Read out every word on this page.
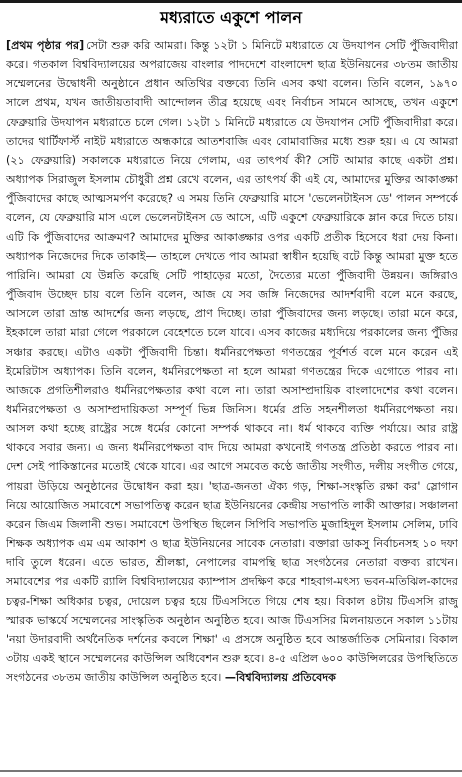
মধ্যরাতে একুশে পালন
[প্রথম পৃষ্ঠার পর] সেটা শুরু করি আমরা। কিন্তু ১২টা ১ মিনিটে মধ্যরাতে যে উদযাপন সেটি পুঁজিবাদীরা করে। গতকাল বিশ্ববিদ্যালয়ের অপরাজেয় বাংলার পাদদেশে বাংলাদেশ ছাত্র ইউনিয়নের ৩৮তম জাতীয় সম্মেলনের উদ্বোধনী অনুষ্ঠানে প্রধান অতিথির বক্তব্যে তিনি এসব কথা বলেন। তিনি বলেন, ১৯৭০ সালে প্রথম, যখন জাতীয়তাবাদী আন্দোলন তীব্র হয়েছে এবং নির্বাচন সামনে আসছে, তখন একুশে ফেব্রুয়ারি উদযাপন মধ্যরাতে চলে গেল। ১২টা ১ মিনিটে মধ্যরাতে যে উদযাপন সেটি পুঁজিবাদীরা করে। তাদের থার্টিফার্স্ট নাইট মধ্যরাতে অন্ধকারে আতশবাজি এবং বোমাবাজির মধ্যে শুরু হয়। এ যে আমরা (২১ ফেব্রুয়ারি) সকালকে মধ্যরাতে নিয়ে গেলাম, এর তাৎপর্য কী? সেটি আমার কাছে একটা প্রশ্ন। অধ্যাপক সিরাজুল ইসলাম চৌধুরী প্রশ্ন রেখে বলেন, এর তাৎপর্য কী এই যে, আমাদের মুক্তির আকাঙ্ক্ষা পুঁজিবাদের কাছে আত্মসমর্পণ করেছে? এ সময় তিনি ফেব্রুয়ারি মাসে 'ভেলেনটাইনস ডে' পালন সম্পর্কে বলেন, যে ফেব্রুয়ারি মাস এলে ভেলেনটাইনস ডে আসে, এটি একুশে ফেব্রুয়ারিকে ম্লান করে দিতে চায়। এটি কি পুঁজিবাদের আক্রমণ? আমাদের মুক্তির আকাঙ্ক্ষার ওপর একটি প্রতীক হিসেবে ধরা দেয় কিনা। অধ্যাপক নিজেদের দিকে তাকাই— তাহলে দেখতে পাব আমরা স্বাধীন হয়েছি বটে কিন্তু আমরা মুক্ত হতে পারিনি। আমরা যে উন্নতি করেছি সেটি পাহাড়ের মতো, দৈত্যের মতো পুঁজিবাদী উন্নয়ন। জঙ্গিরাও পুঁজিবাদ উচ্ছেদ চায় বলে তিনি বলেন, আজ যে সব জঙ্গি নিজেদের আদর্শবাদী বলে মনে করছে, আসলে তারা ভ্রান্ত আদর্শের জন্য লড়ছে, প্রাণ দিচ্ছে। তারা পুঁজিবাদের জন্য লড়ছে। তারা মনে করে, ইহকালে তারা মারা গেলে পরকালে বেহেশতে চলে যাবে। এসব কাজের মধ্যদিয়ে পরকালের জন্য পুঁজির সঞ্চার করছে। এটাও একটা পুঁজিবাদী চিন্তা। ধর্মনিরপেক্ষতা গণতন্ত্রের পূর্বশর্ত বলে মনে করেন এই ইমেরিটাস অধ্যাপক। তিনি বলেন, ধর্মনিরপেক্ষতা না হলে আমরা গণতন্ত্রের দিকে এগোতে পারব না। আজকে প্রগতিশীলরাও ধর্মনিরপেক্ষতার কথা বলে না। তারা অসাম্প্রদায়িক বাংলাদেশের কথা বলেন। ধর্মনিরপেক্ষতা ও অসাম্প্রদায়িকতা সম্পূর্ণ ভিন্ন জিনিস। ধর্মের প্রতি সহনশীলতা ধর্মনিরপেক্ষতা নয়। আসল কথা হচ্ছে রাষ্ট্রের সঙ্গে ধর্মের কোনো সম্পর্ক থাকবে না। ধর্ম থাকবে ব্যক্তি পর্যায়ে। আর রাষ্ট্র থাকবে সবার জন্য। এ জন্য ধর্মনিরপেক্ষতা বাদ দিয়ে আমরা কখনোই গণতন্ত্র প্রতিষ্ঠা করতে পারব না। দেশ সেই পাকিস্তানের মতোই থেকে যাবে। এর আগে সমবেত কণ্ঠে জাতীয় সংগীত, দলীয় সংগীত গেয়ে, পায়রা উড়িয়ে অনুষ্ঠানের উদ্বোধন করা হয়। 'ছাত্র-জনতা ঐক্য গড়, শিক্ষা-সংস্কৃতি রক্ষা কর' স্লোগান নিয়ে আয়োজিত সমাবেশে সভাপতিত্ব করেন ছাত্র ইউনিয়নের কেন্দ্রীয় সভাপতি লাকী আক্তার। সঞ্চালনা করেন জিএম জিলানী শুভ। সমাবেশে উপস্থিত ছিলেন সিপিবি সভাপতি মুজাহিদুল ইসলাম সেলিম, ঢাবি শিক্ষক অধ্যাপক এম এম আকাশ ও ছাত্র ইউনিয়নের সাবেক নেতারা। বক্তারা ডাকসু নির্বাচনসহ ১০ দফা দাবি তুলে ধরেন। এতে ভারত, শ্রীলঙ্কা, নেপালের বামপন্থি ছাত্র সংগঠনের নেতারা বক্তব্য রাখেন। সমাবেশের পর একটি র‍্যালি বিশ্ববিদ্যালয়ের ক্যাম্পাস প্রদক্ষিণ করে শাহবাগ-মৎস্য ভবন-মতিঝিল-কাদের চত্বর-শিক্ষা অধিকার চত্বর, দোয়েল চত্বর হয়ে টিএসসিতে গিয়ে শেষ হয়। বিকাল ৪টায় টিএসসি রাজু স্মারক ভাস্কর্যে সম্মেলনের সাংস্কৃতিক অনুষ্ঠান অনুষ্ঠিত হবে। আজ টিএসসির মিলনায়তনে সকাল ১১টায় 'নয়া উদারবাদী অর্থনৈতিক দর্শনের কবলে শিক্ষা' এ প্রসঙ্গে অনুষ্ঠিত হবে আন্তর্জাতিক সেমিনার। বিকাল ৩টায় একই স্থানে সম্মেলনের কাউন্সিল অধিবেশন শুরু হবে। ৪-৫ এপ্রিল ৬০০ কাউন্সিলরের উপস্থিতিতে সংগঠনের ৩৮তম জাতীয় কাউন্সিল অনুষ্ঠিত হবে। —বিশ্ববিদ্যালয় প্রতিবেদক
